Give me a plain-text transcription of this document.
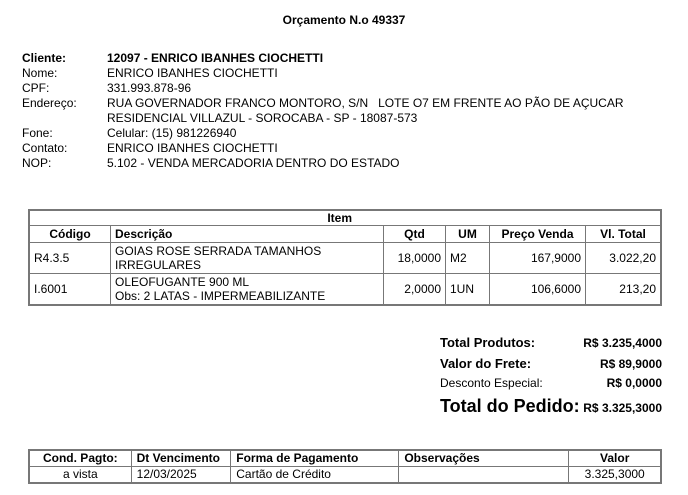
Orçamento N.o 49337
Cliente:	12097 - ENRICO IBANHES CIOCHETTI
Nome:	ENRICO IBANHES CIOCHETTI
CPF:	331.993.878-96
Endereço:	RUA GOVERNADOR FRANCO MONTORO, S/N   LOTE O7 EM FRENTE AO PÃO DE AÇUCAR
RESIDENCIAL VILLAZUL - SOROCABA - SP - 18087-573
Fone:	Celular: (15) 981226940
Contato:	ENRICO IBANHES CIOCHETTI
NOP:	5.102 - VENDA MERCADORIA DENTRO DO ESTADO
Item					
Código	Descrição	Qtd	UM	Preço Venda	Vl. Total
R4.3.5	GOIAS ROSE SERRADA TAMANHOS
IRREGULARES	18,0000	M2	167,9000	3.022,20
I.6001	OLEOFUGANTE 900 ML
Obs: 2 LATAS - IMPERMEABILIZANTE	2,0000	1UN	106,6000	213,20
Total Produtos:	R$ 3.235,4000
Valor do Frete:	R$ 89,9000
Desconto Especial:	R$ 0,0000
Total do Pedido: R$ 3.325,3000
Cond. Pagto:	Dt Vencimento	Forma de Pagamento	Observações	Valor
a vista	12/03/2025	Cartão de Crédito		3.325,3000
